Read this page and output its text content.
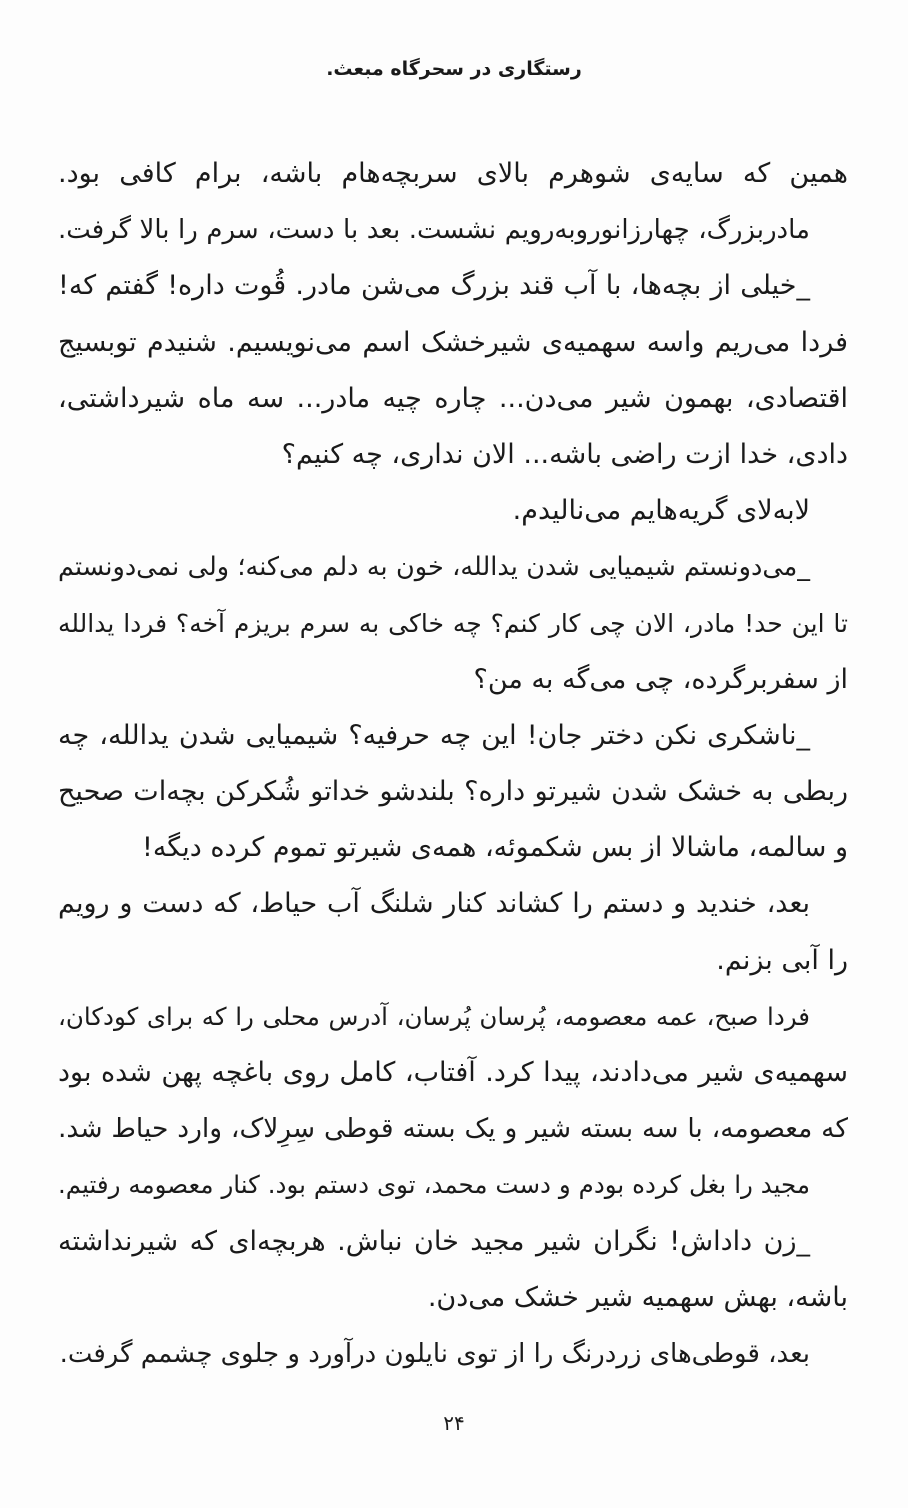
رستگاری در سحرگاه مبعث.
همین که سایه‌ی شوهرم بالای سربچه‌هام باشه، برام کافی بود.
مادربزرگ، چهارزانوروبه‌رویم نشست. بعد با دست، سرم را بالا گرفت.
_خیلی از بچه‌ها، با آب قند بزرگ می‌شن مادر. قُوت داره! گفتم که!
فردا می‌ریم واسه سهمیه‌ی شیرخشک اسم می‌نویسیم. شنیدم توبسیج
اقتصادی، بهمون شیر می‌دن... چاره چیه مادر... سه ماه شیرداشتی،
دادی، خدا ازت راضی باشه... الان نداری، چه کنیم؟
لابه‌لای گریه‌هایم می‌نالیدم.
_می‌دونستم شیمیایی شدن یدالله، خون به دلم می‌کنه؛ ولی نمی‌دونستم
تا این حد! مادر، الان چی کار کنم؟ چه خاکی به سرم بریزم آخه؟ فردا یدالله
از سفربرگرده، چی می‌گه به من؟
_ناشکری نکن دختر جان! این چه حرفیه؟ شیمیایی شدن یدالله، چه
ربطی به خشک شدن شیرتو داره؟ بلندشو خداتو شُکرکن بچه‌ات صحیح
و سالمه، ماشالا از بس شکموئه، همه‌ی شیرتو تموم کرده دیگه!
بعد، خندید و دستم را کشاند کنار شلنگ آب حیاط، که دست و رویم
را آبی بزنم.
فردا صبح، عمه معصومه، پُرسان پُرسان، آدرس محلی را که برای کودکان،
سهمیه‌ی شیر می‌دادند، پیدا کرد. آفتاب، کامل روی باغچه پهن شده بود
که معصومه، با سه بسته شیر و یک بسته قوطی سِرِلاک، وارد حیاط شد.
مجید را بغل کرده بودم و دست محمد، توی دستم بود. کنار معصومه رفتیم.
_زن داداش! نگران شیر مجید خان نباش. هربچه‌ای که شیرنداشته
باشه، بهش سهمیه شیر خشک می‌دن.
بعد، قوطی‌های زردرنگ را از توی نایلون درآورد و جلوی چشمم گرفت.
۲۴
